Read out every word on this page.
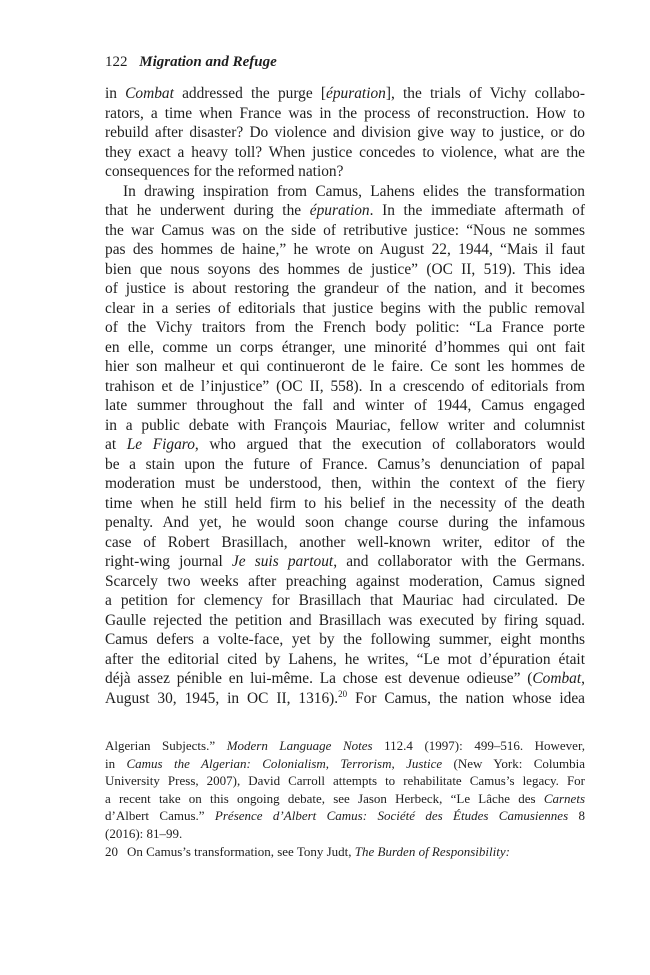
122 Migration and Refuge
in Combat addressed the purge [épuration], the trials of Vichy collabo-
rators, a time when France was in the process of reconstruction. How to
rebuild after disaster? Do violence and division give way to justice, or do
they exact a heavy toll? When justice concedes to violence, what are the
consequences for the reformed nation?
In drawing inspiration from Camus, Lahens elides the transformation
that he underwent during the épuration. In the immediate aftermath of
the war Camus was on the side of retributive justice: “Nous ne sommes
pas des hommes de haine,” he wrote on August 22, 1944, “Mais il faut
bien que nous soyons des hommes de justice” (OC II, 519). This idea
of justice is about restoring the grandeur of the nation, and it becomes
clear in a series of editorials that justice begins with the public removal
of the Vichy traitors from the French body politic: “La France porte
en elle, comme un corps étranger, une minorité d’hommes qui ont fait
hier son malheur et qui continueront de le faire. Ce sont les hommes de
trahison et de l’injustice” (OC II, 558). In a crescendo of editorials from
late summer throughout the fall and winter of 1944, Camus engaged
in a public debate with François Mauriac, fellow writer and columnist
at Le Figaro, who argued that the execution of collaborators would
be a stain upon the future of France. Camus’s denunciation of papal
moderation must be understood, then, within the context of the fiery
time when he still held firm to his belief in the necessity of the death
penalty. And yet, he would soon change course during the infamous
case of Robert Brasillach, another well-known writer, editor of the
right-wing journal Je suis partout, and collaborator with the Germans.
Scarcely two weeks after preaching against moderation, Camus signed
a petition for clemency for Brasillach that Mauriac had circulated. De
Gaulle rejected the petition and Brasillach was executed by firing squad.
Camus defers a volte-face, yet by the following summer, eight months
after the editorial cited by Lahens, he writes, “Le mot d’épuration était
déjà assez pénible en lui-même. La chose est devenue odieuse” (Combat,
August 30, 1945, in OC II, 1316).$^{20}$ For Camus, the nation whose idea
Algerian Subjects.” Modern Language Notes 112.4 (1997): 499–516. However,
in Camus the Algerian: Colonialism, Terrorism, Justice (New York: Columbia
University Press, 2007), David Carroll attempts to rehabilitate Camus’s legacy. For
a recent take on this ongoing debate, see Jason Herbeck, “Le Lâche des Carnets
d’Albert Camus.” Présence d’Albert Camus: Société des Études Camusiennes 8
(2016): 81–99.
20 On Camus’s transformation, see Tony Judt, The Burden of Responsibility:
